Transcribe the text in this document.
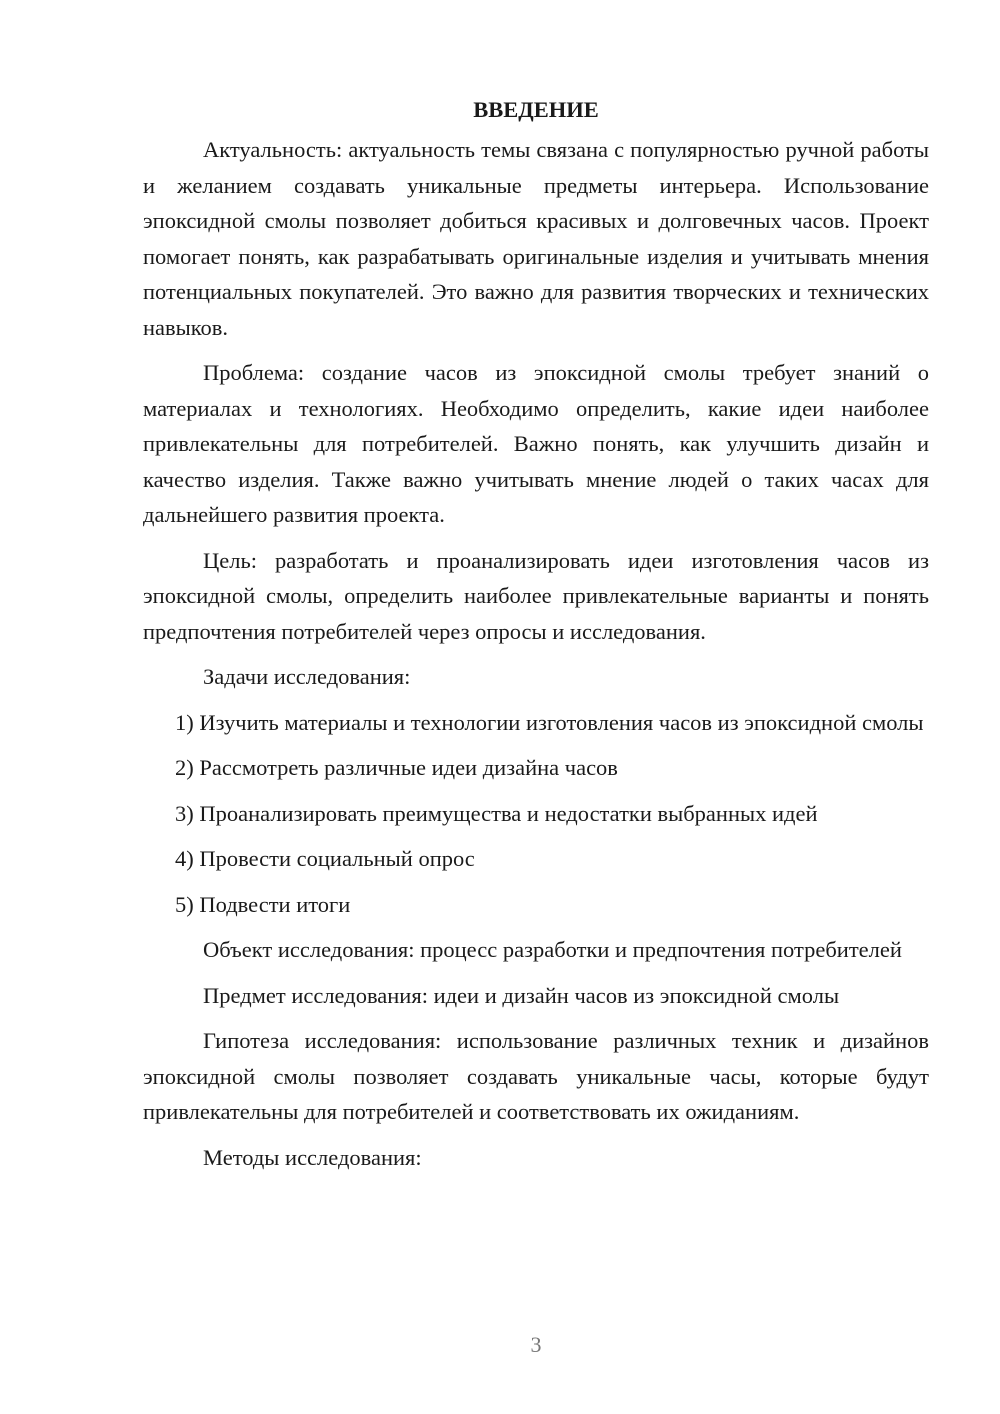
ВВЕДЕНИЕ

Актуальность: актуальность темы связана с популярностью ручной работы и желанием создавать уникальные предметы интерьера. Использование эпоксидной смолы позволяет добиться красивых и долговечных часов. Проект помогает понять, как разрабатывать оригинальные изделия и учитывать мнения потенциальных покупателей. Это важно для развития творческих и технических навыков.

Проблема: создание часов из эпоксидной смолы требует знаний о материалах и технологиях. Необходимо определить, какие идеи наиболее привлекательны для потребителей. Важно понять, как улучшить дизайн и качество изделия. Также важно учитывать мнение людей о таких часах для дальнейшего развития проекта.

Цель: разработать и проанализировать идеи изготовления часов из эпоксидной смолы, определить наиболее привлекательные варианты и понять предпочтения потребителей через опросы и исследования.

Задачи исследования:

1) Изучить материалы и технологии изготовления часов из эпоксидной смолы

2) Рассмотреть различные идеи дизайна часов

3) Проанализировать преимущества и недостатки выбранных идей

4) Провести социальный опрос

5) Подвести итоги

Объект исследования: процесс разработки и предпочтения потребителей

Предмет исследования: идеи и дизайн часов из эпоксидной смолы

Гипотеза исследования: использование различных техник и дизайнов эпоксидной смолы позволяет создавать уникальные часы, которые будут привлекательны для потребителей и соответствовать их ожиданиям.

Методы исследования:

3
